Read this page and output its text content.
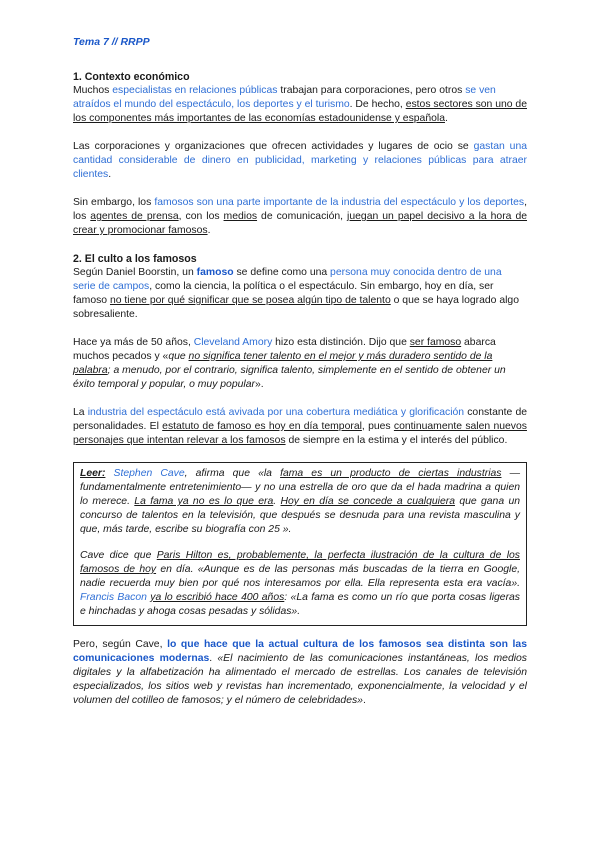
Tema 7 // RRPP
1. Contexto económico

Muchos especialistas en relaciones públicas trabajan para corporaciones, pero otros se ven atraídos el mundo del espectáculo, los deportes y el turismo. De hecho, estos sectores son uno de los componentes más importantes de las economías estadounidense y española.

Las corporaciones y organizaciones que ofrecen actividades y lugares de ocio se gastan una cantidad considerable de dinero en publicidad, marketing y relaciones públicas para atraer clientes.

Sin embargo, los famosos son una parte importante de la industria del espectáculo y los deportes, los agentes de prensa, con los medios de comunicación, juegan un papel decisivo a la hora de crear y promocionar famosos.

2. El culto a los famosos

Según Daniel Boorstin, un famoso se define como una persona muy conocida dentro de una serie de campos, como la ciencia, la política o el espectáculo. Sin embargo, hoy en día, ser famoso no tiene por qué significar que se posea algún tipo de talento o que se haya logrado algo sobresaliente.

Hace ya más de 50 años, Cleveland Amory hizo esta distinción. Dijo que ser famoso abarca muchos pecados y «que no significa tener talento en el mejor y más duradero sentido de la palabra; a menudo, por el contrario, significa talento, simplemente en el sentido de obtener un éxito temporal y popular, o muy popular».

La industria del espectáculo está avivada por una cobertura mediática y glorificación constante de personalidades. El estatuto de famoso es hoy en día temporal, pues continuamente salen nuevos personajes que intentan relevar a los famosos de siempre en la estima y el interés del público.

Leer: Stephen Cave, afirma que «la fama es un producto de ciertas industrias —fundamentalmente entretenimiento— y no una estrella de oro que da el hada madrina a quien lo merece. La fama ya no es lo que era. Hoy en día se concede a cualquiera que gana un concurso de talentos en la televisión, que después se desnuda para una revista masculina y que, más tarde, escribe su biografía con 25 ».

Cave dice que Paris Hilton es, probablemente, la perfecta ilustración de la cultura de los famosos de hoy en día. «Aunque es de las personas más buscadas de la tierra en Google, nadie recuerda muy bien por qué nos interesamos por ella. Ella representa esta era vacía». Francis Bacon ya lo escribió hace 400 años: «La fama es como un río que porta cosas ligeras e hinchadas y ahoga cosas pesadas y sólidas».

Pero, según Cave, lo que hace que la actual cultura de los famosos sea distinta son las comunicaciones modernas. «El nacimiento de las comunicaciones instantáneas, los medios digitales y la alfabetización ha alimentado el mercado de estrellas. Los canales de televisión especializados, los sitios web y revistas han incrementado, exponencialmente, la velocidad y el volumen del cotilleo de famosos; y el número de celebridades».
